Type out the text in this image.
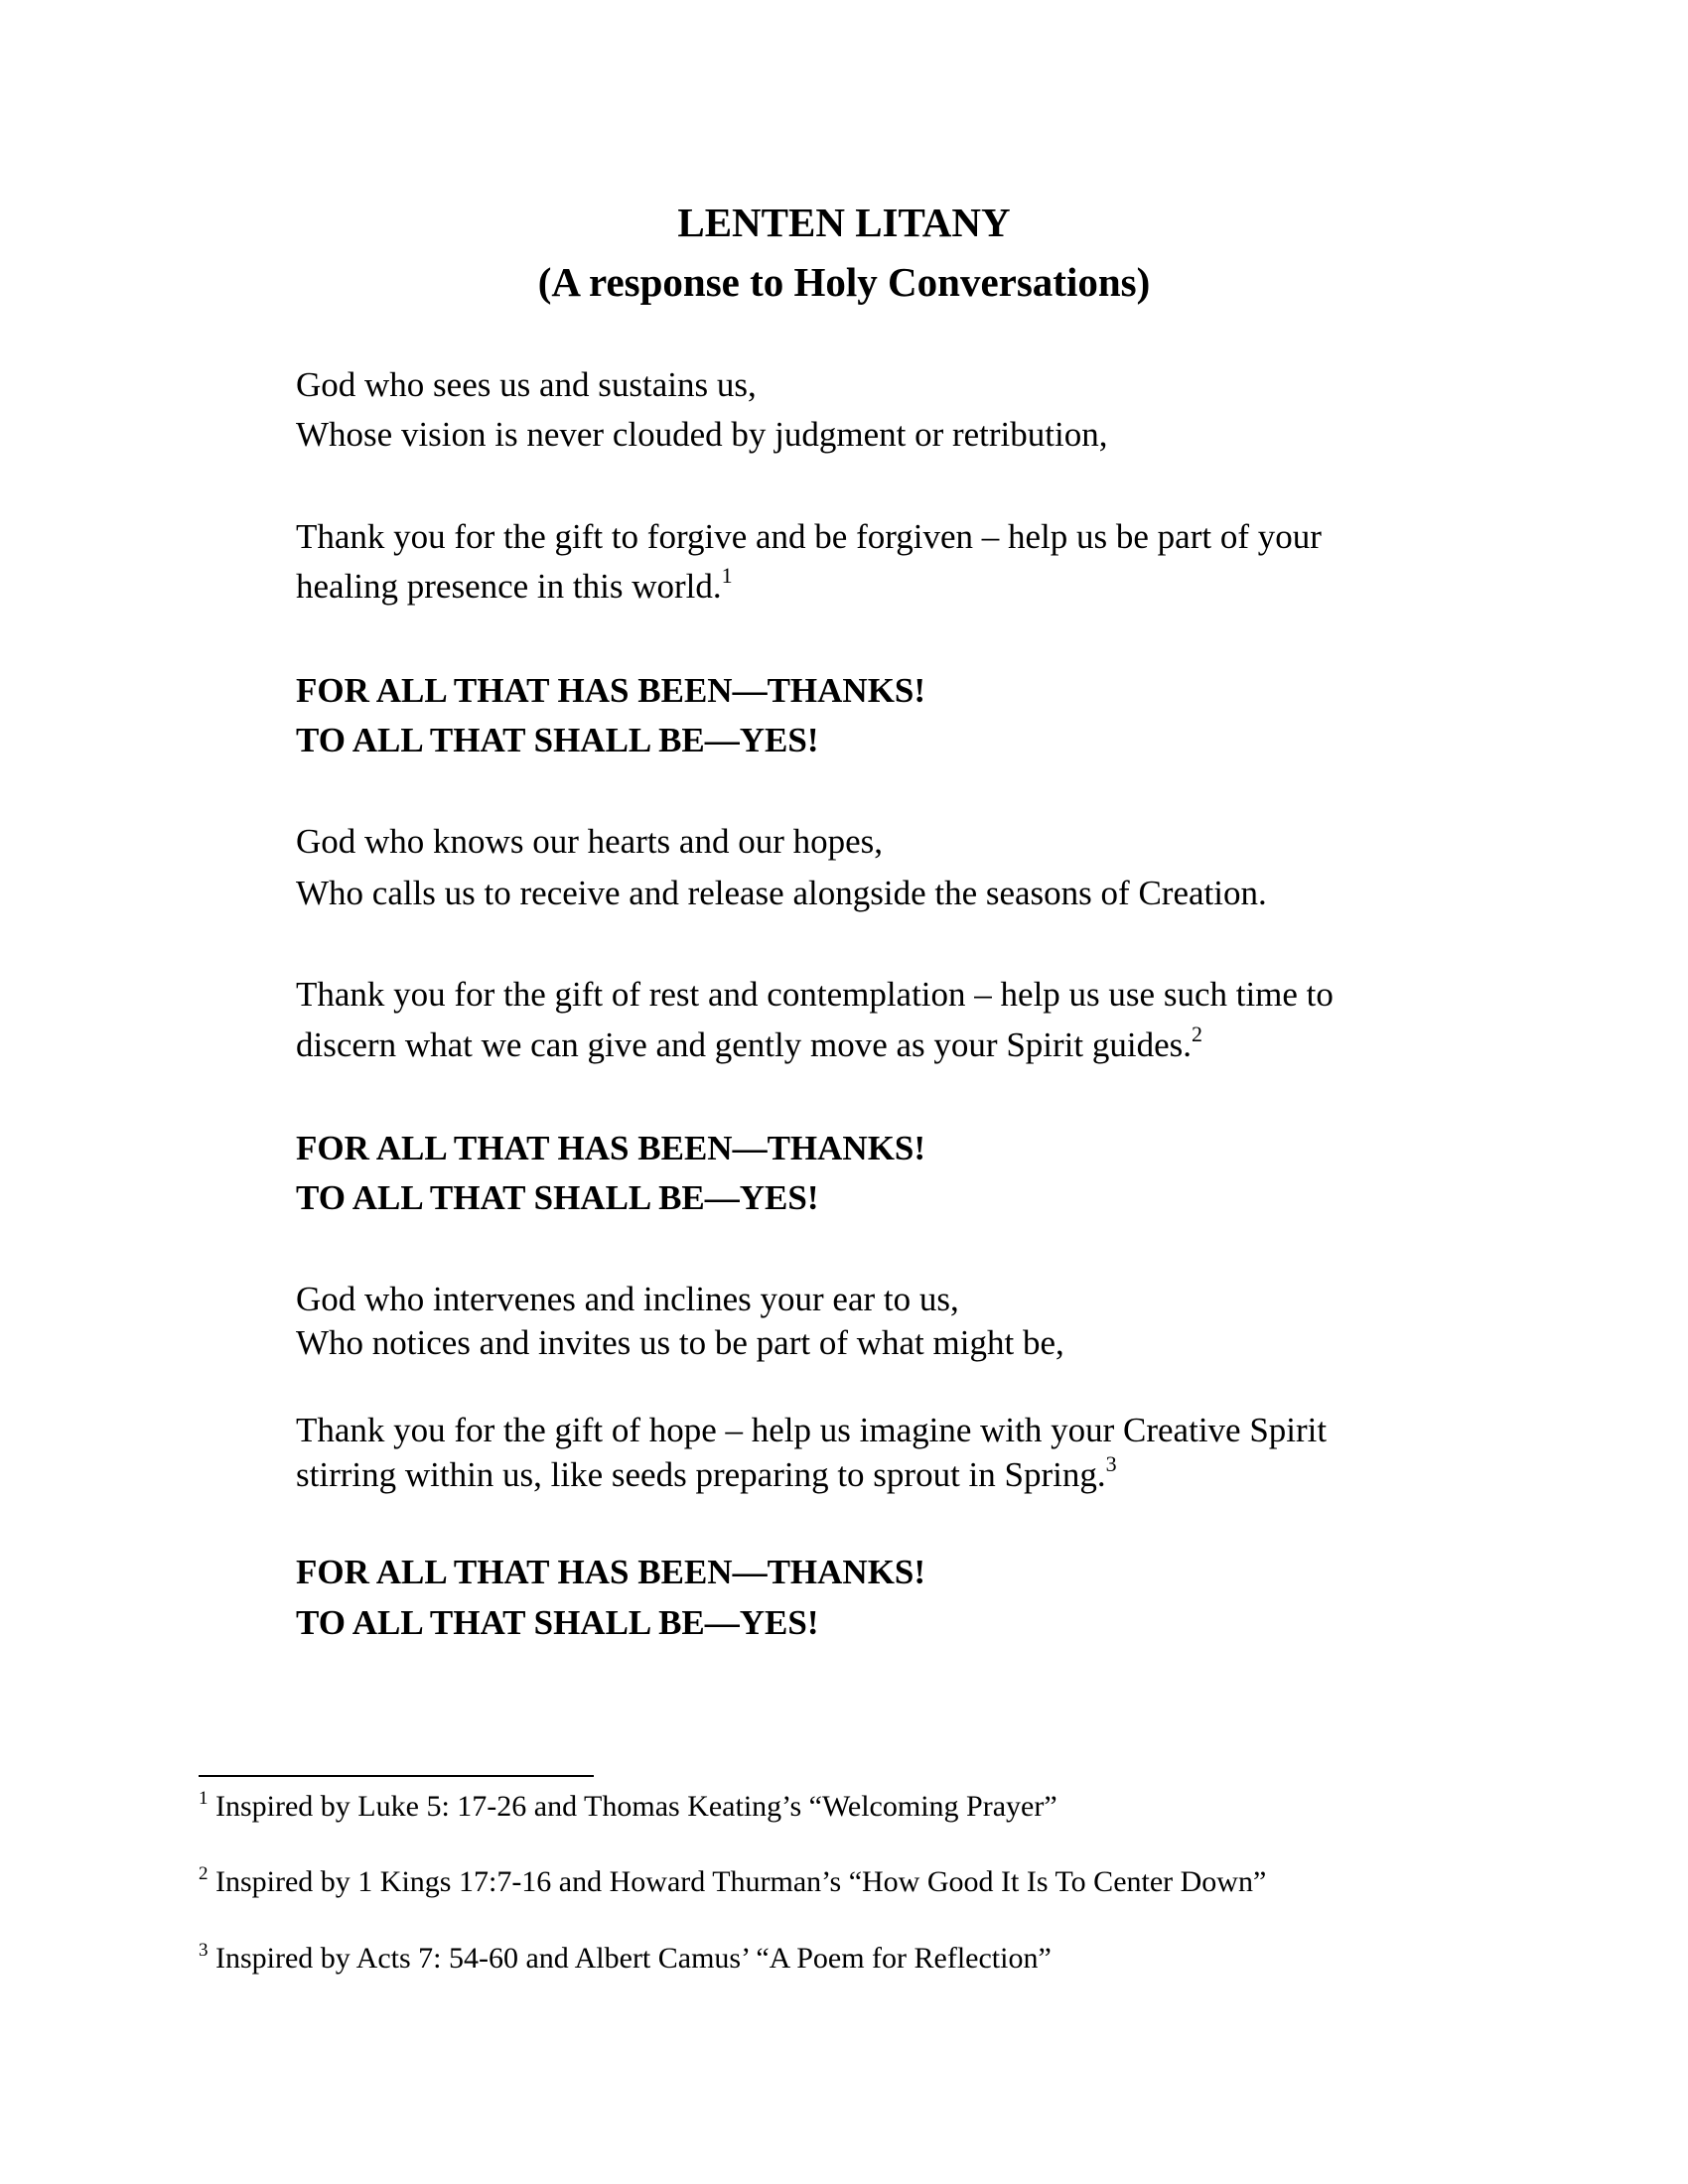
LENTEN LITANY
(A response to Holy Conversations)
God who sees us and sustains us,
Whose vision is never clouded by judgment or retribution,
Thank you for the gift to forgive and be forgiven – help us be part of your
healing presence in this world.$^1$
FOR ALL THAT HAS BEEN—THANKS!
TO ALL THAT SHALL BE—YES!
God who knows our hearts and our hopes,
Who calls us to receive and release alongside the seasons of Creation.
Thank you for the gift of rest and contemplation – help us use such time to
discern what we can give and gently move as your Spirit guides.$^2$
FOR ALL THAT HAS BEEN—THANKS!
TO ALL THAT SHALL BE—YES!
God who intervenes and inclines your ear to us,
Who notices and invites us to be part of what might be,
Thank you for the gift of hope – help us imagine with your Creative Spirit
stirring within us, like seeds preparing to sprout in Spring.$^3$
FOR ALL THAT HAS BEEN—THANKS!
TO ALL THAT SHALL BE—YES!
$^1$ Inspired by Luke 5: 17-26 and Thomas Keating’s “Welcoming Prayer”
$^2$ Inspired by 1 Kings 17:7-16 and Howard Thurman’s “How Good It Is To Center Down”
$^3$ Inspired by Acts 7: 54-60 and Albert Camus’ “A Poem for Reflection”
